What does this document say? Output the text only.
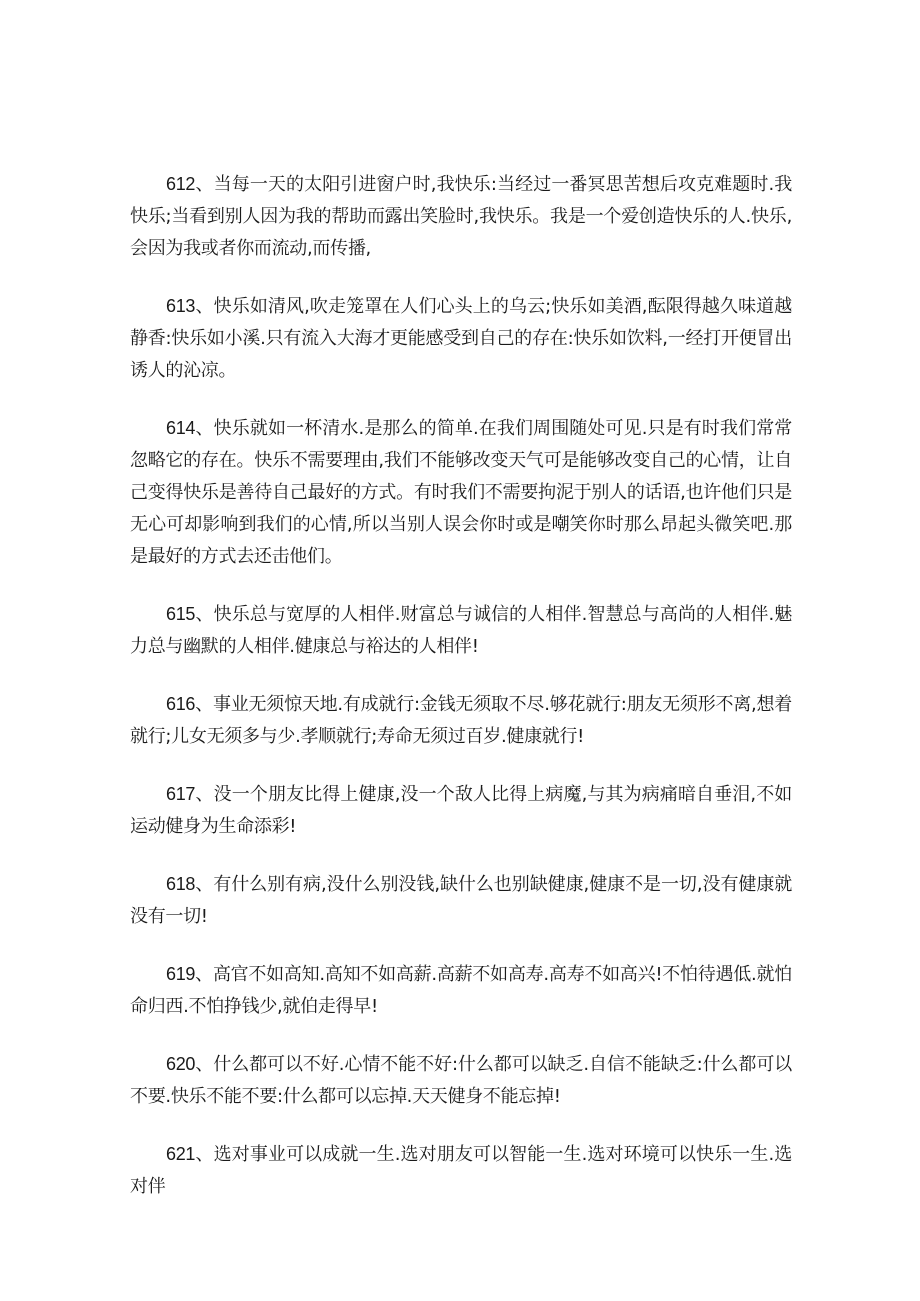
612、当每一天的太阳引进窗户时,我快乐:当经过一番冥思苦想后攻克难题时.我快乐;当看到别人因为我的帮助而露出笑脸时,我快乐。我是一个爱创造快乐的人.快乐,会因为我或者你而流动,而传播,

613、快乐如清风,吹走笼罩在人们心头上的乌云;快乐如美酒,酝限得越久味道越静香:快乐如小溪.只有流入大海才更能感受到自己的存在:快乐如饮料,一经打开便冒出诱人的沁凉。

614、快乐就如一杯清水.是那么的简单.在我们周围随处可见.只是有时我们常常忽略它的存在。快乐不需要理由,我们不能够改变天气可是能够改变自己的心情，让自己变得快乐是善待自己最好的方式。有时我们不需要拘泥于别人的话语,也许他们只是无心可却影响到我们的心情,所以当别人误会你时或是嘲笑你时那么昂起头微笑吧.那是最好的方式去还击他们。

615、快乐总与宽厚的人相伴.财富总与诚信的人相伴.智慧总与高尚的人相伴.魅力总与幽默的人相伴.健康总与裕达的人相伴!

616、事业无须惊天地.有成就行:金钱无须取不尽.够花就行:朋友无须形不离,想着就行;儿女无须多与少.孝顺就行;寿命无须过百岁.健康就行!

617、没一个朋友比得上健康,没一个敌人比得上病魔,与其为病痛暗自垂泪,不如运动健身为生命添彩!

618、有什么别有病,没什么别没钱,缺什么也别缺健康,健康不是一切,没有健康就没有一切!

619、高官不如高知.高知不如高薪.高薪不如高寿.高寿不如高兴!不怕待遇低.就怕命归西.不怕挣钱少,就伯走得早!

620、什么都可以不好.心情不能不好:什么都可以缺乏.自信不能缺乏:什么都可以不要.快乐不能不要:什么都可以忘掉.天天健身不能忘掉!

621、选对事业可以成就一生.选对朋友可以智能一生.选对环境可以快乐一生.选对伴
